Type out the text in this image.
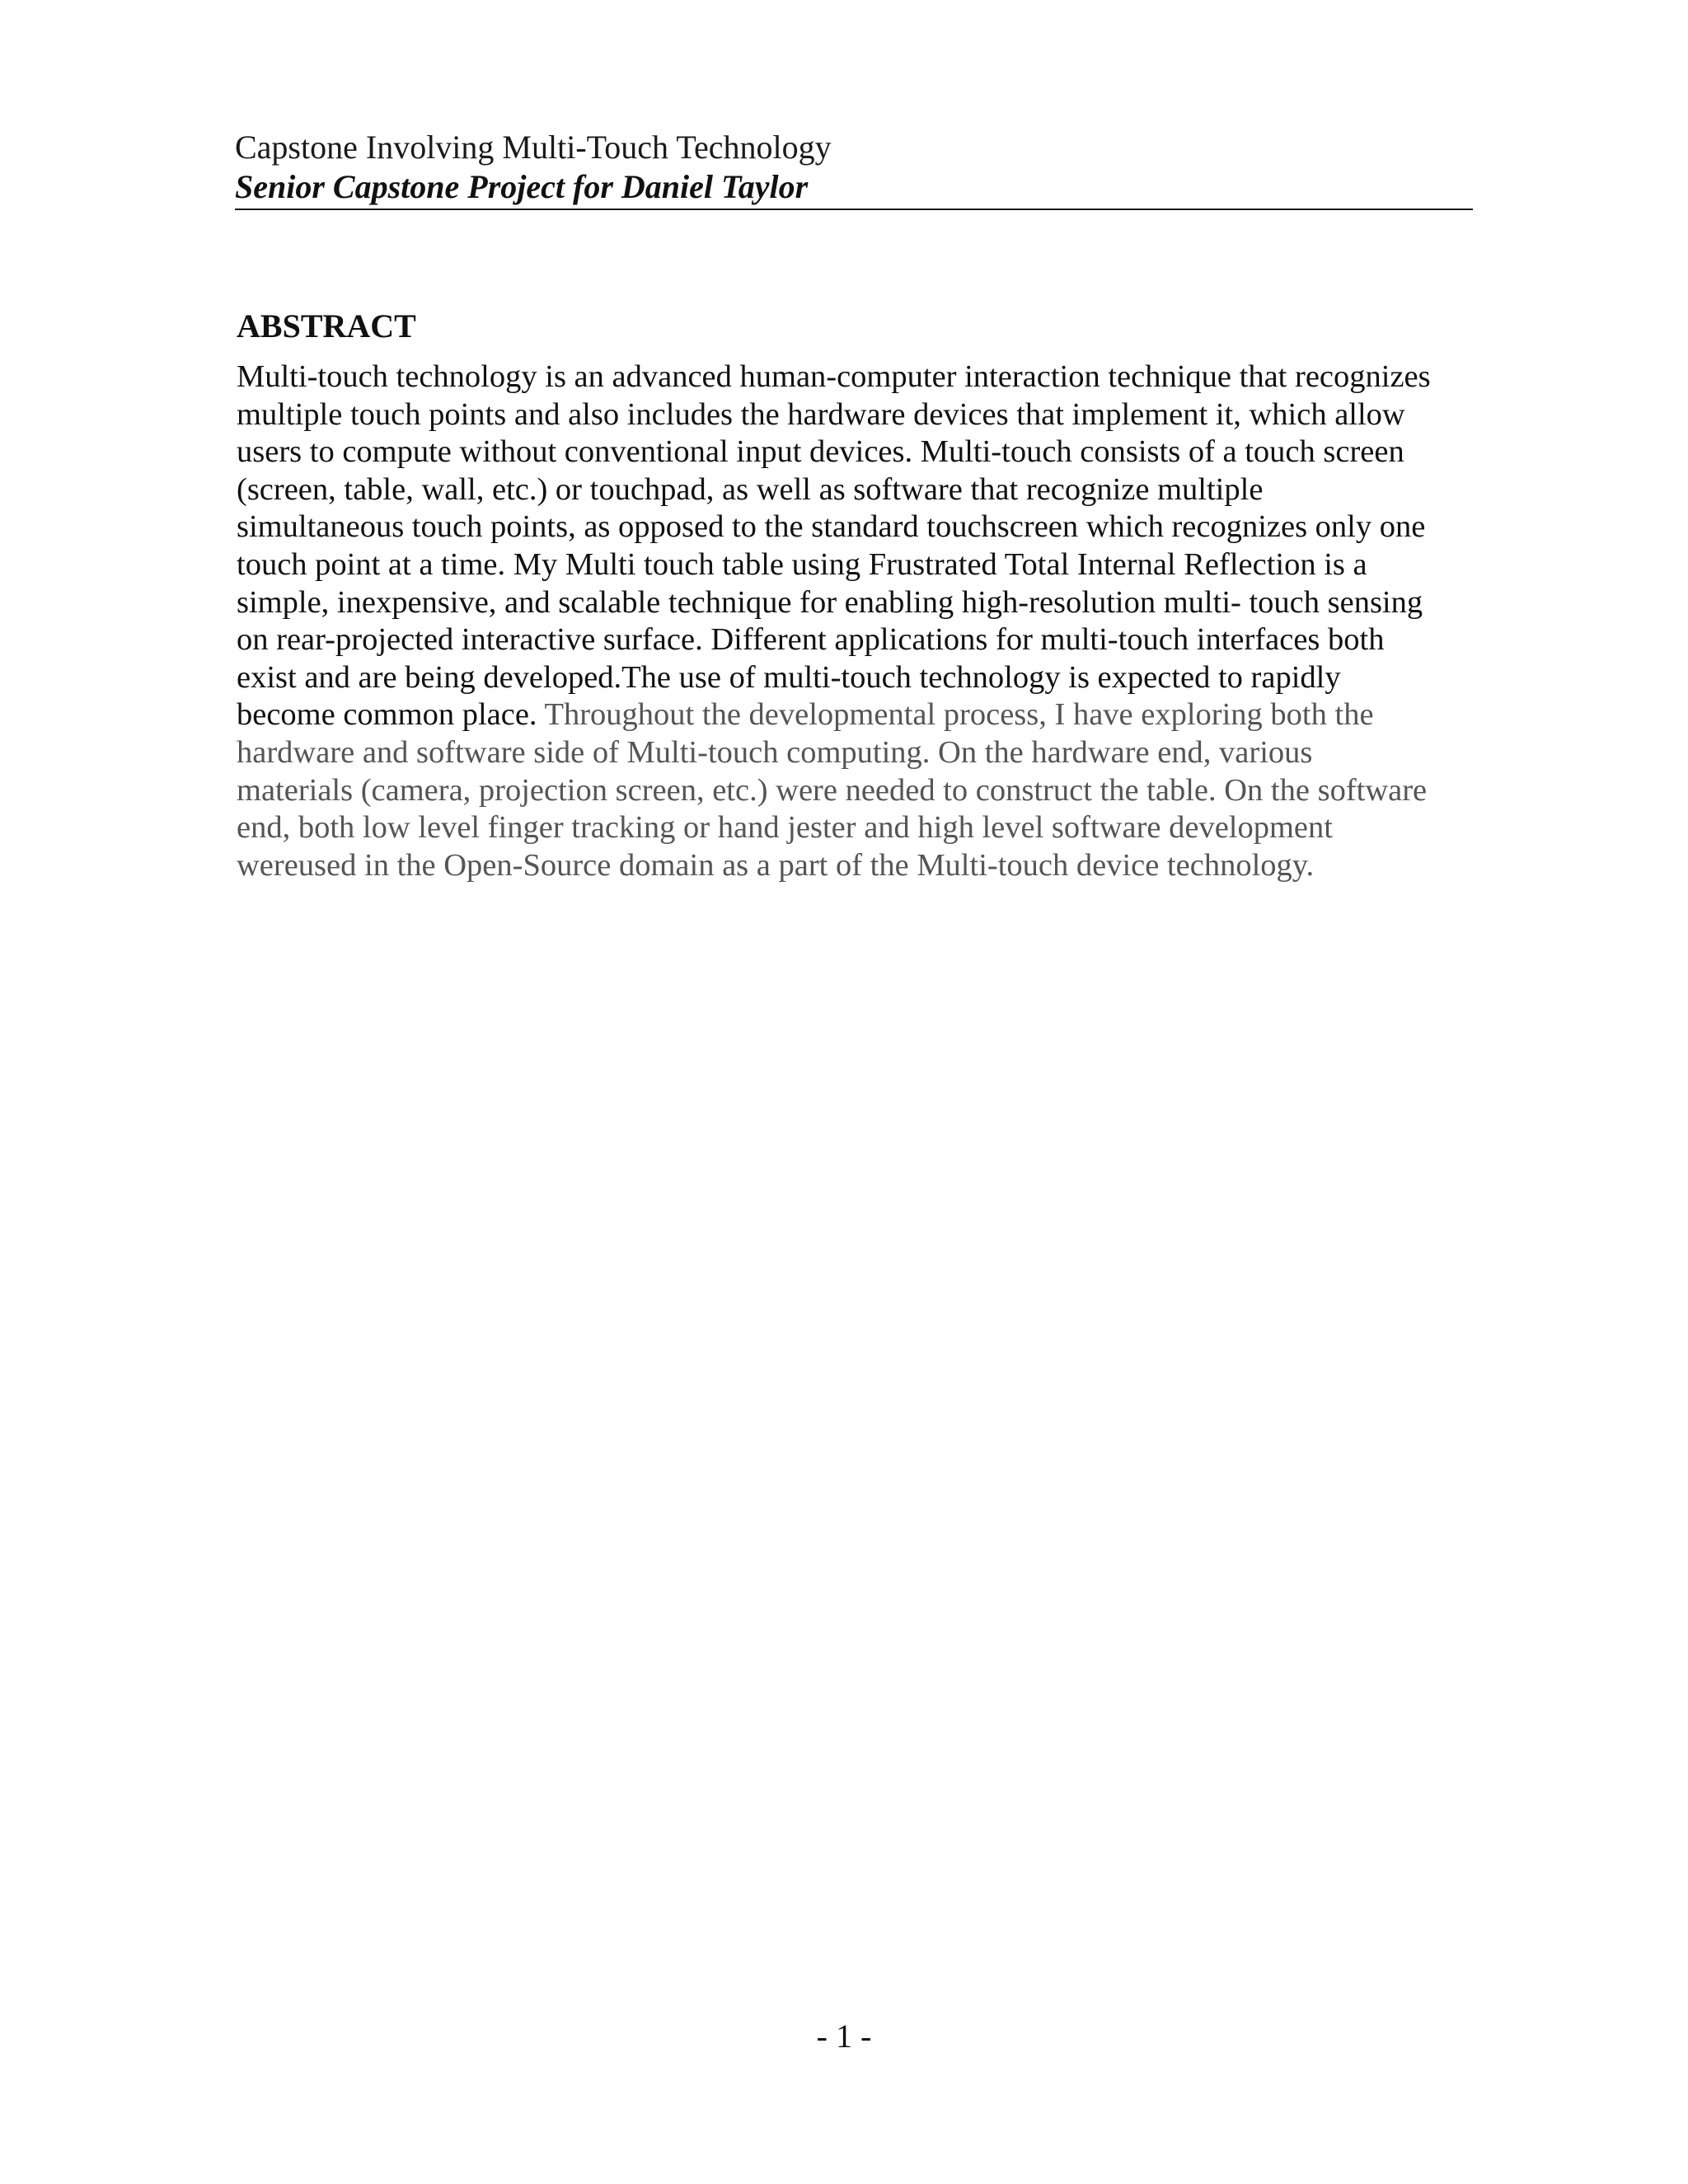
Capstone Involving Multi-Touch Technology
Senior Capstone Project for Daniel Taylor
ABSTRACT
Multi-touch technology is an advanced human-computer interaction technique that recognizes
multiple touch points and also includes the hardware devices that implement it, which allow
users to compute without conventional input devices. Multi-touch consists of a touch screen
(screen, table, wall, etc.) or touchpad, as well as software that recognize multiple
simultaneous touch points, as opposed to the standard touchscreen which recognizes only one
touch point at a time. My Multi touch table using Frustrated Total Internal Reflection is a
simple, inexpensive, and scalable technique for enabling high-resolution multi- touch sensing
on rear-projected interactive surface. Different applications for multi-touch interfaces both
exist and are being developed.The use of multi-touch technology is expected to rapidly
become common place. Throughout the developmental process, I have exploring both the
hardware and software side of Multi-touch computing. On the hardware end, various
materials (camera, projection screen, etc.) were needed to construct the table. On the software
end, both low level finger tracking or hand jester and high level software development
wereused in the Open-Source domain as a part of the Multi-touch device technology.
- 1 -
